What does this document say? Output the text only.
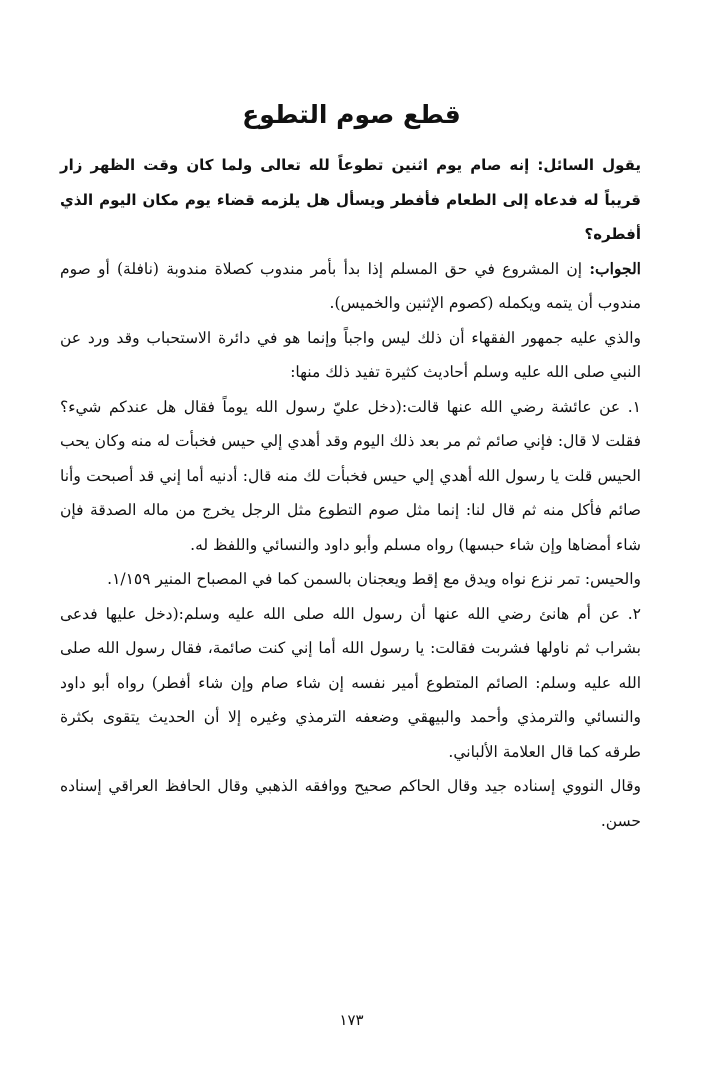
قطع صوم التطوع

يقول السائل: إنه صام يوم اثنين تطوعاً لله تعالى ولما كان وقت الظهر زار قريباً له فدعاه إلى الطعام فأفطر ويسأل هل يلزمه قضاء يوم مكان اليوم الذي أفطره؟

الجواب: إن المشروع في حق المسلم إذا بدأ بأمر مندوب كصلاة مندوبة (نافلة) أو صوم مندوب أن يتمه ويكمله (كصوم الإثنين والخميس).

والذي عليه جمهور الفقهاء أن ذلك ليس واجباً وإنما هو في دائرة الاستحباب وقد ورد عن النبي صلى الله عليه وسلم أحاديث كثيرة تفيد ذلك منها:

١. عن عائشة رضي الله عنها قالت:(دخل عليّ رسول الله يوماً فقال هل عندكم شيء؟ فقلت لا قال: فإني صائم ثم مر بعد ذلك اليوم وقد أهدي إلي حيس فخبأت له منه وكان يحب الحيس قلت يا رسول الله أهدي إلي حيس فخبأت لك منه قال: أدنيه أما إني قد أصبحت وأنا صائم فأكل منه ثم قال لنا: إنما مثل صوم التطوع مثل الرجل يخرج من ماله الصدقة فإن شاء أمضاها وإن شاء حبسها) رواه مسلم وأبو داود والنسائي واللفظ له.

والحيس: تمر نزع نواه ويدق مع إقط ويعجنان بالسمن كما في المصباح المنير ١/١٥٩.

٢. عن أم هانئ رضي الله عنها أن رسول الله صلى الله عليه وسلم:(دخل عليها فدعى بشراب ثم ناولها فشربت فقالت: يا رسول الله أما إني كنت صائمة، فقال رسول الله صلى الله عليه وسلم: الصائم المتطوع أمير نفسه إن شاء صام وإن شاء أفطر) رواه أبو داود والنسائي والترمذي وأحمد والبيهقي وضعفه الترمذي وغيره إلا أن الحديث يتقوى بكثرة طرقه كما قال العلامة الألباني.

وقال النووي إسناده جيد وقال الحاكم صحيح ووافقه الذهبي وقال الحافظ العراقي إسناده حسن.

١٧٣
